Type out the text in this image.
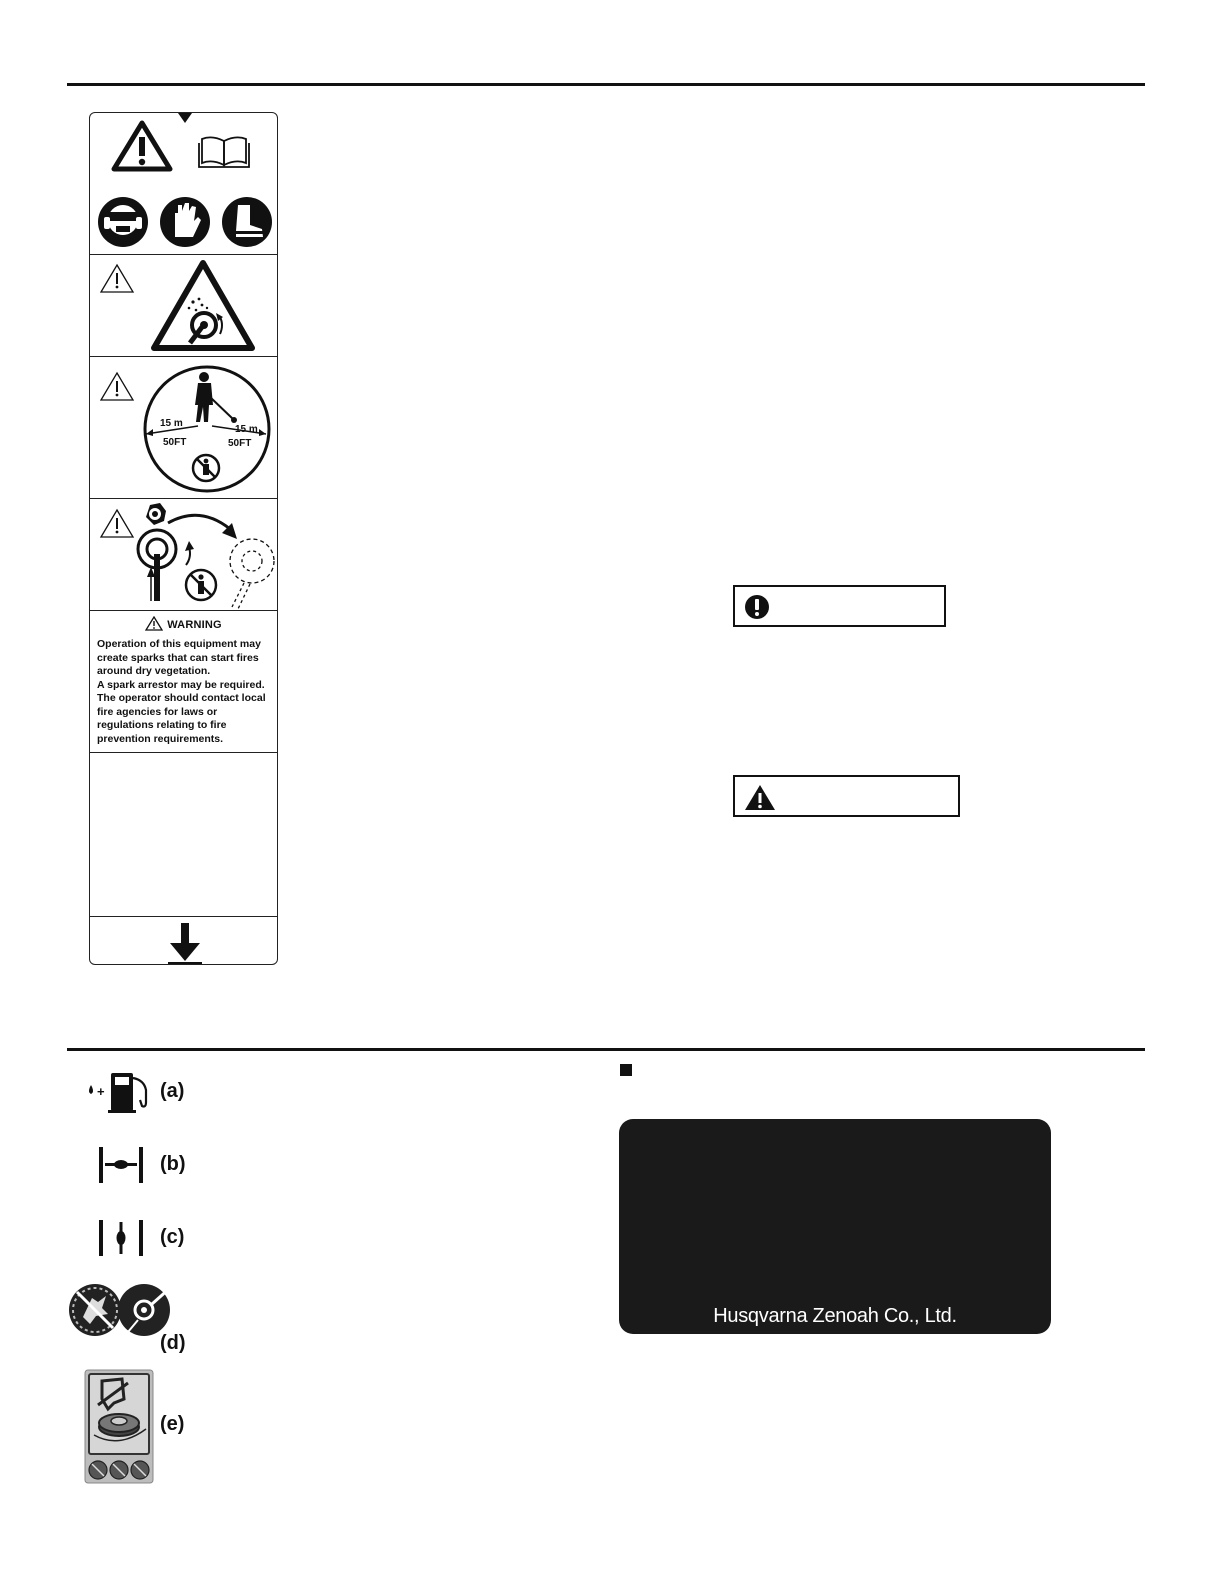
15 m
50FT
15 m
50FT
WARNING
Operation of this equipment may
create sparks that can start fires
around dry vegetation.
A spark arrestor may be required.
The operator should contact local
fire agencies for laws or
regulations relating to fire
prevention requirements.
+	(a)
(b)
(c)
(d)
(e)
Husqvarna Zenoah Co., Ltd.
